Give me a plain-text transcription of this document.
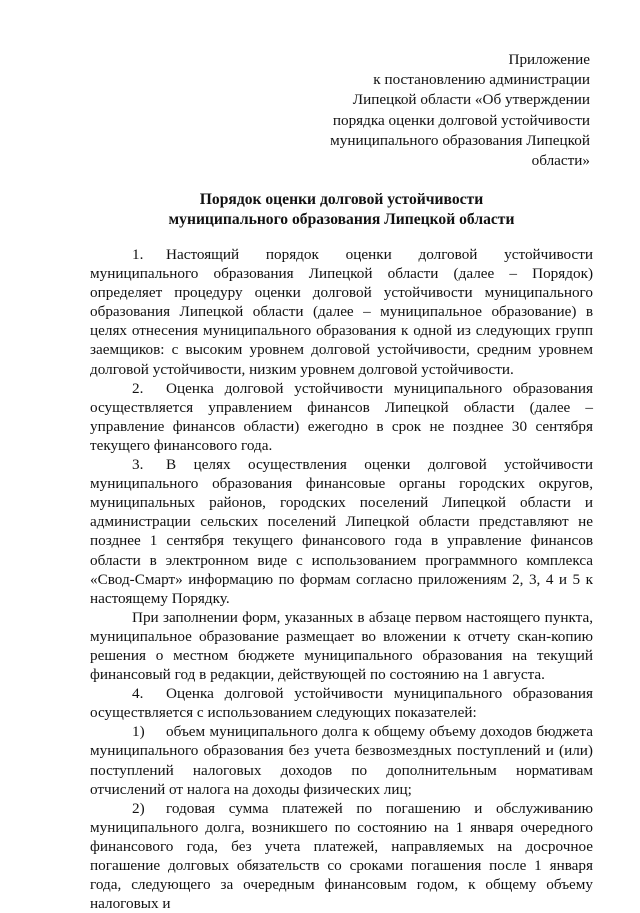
Приложение
к постановлению администрации
Липецкой области «Об утверждении
порядка оценки долговой устойчивости
муниципального образования Липецкой
области»
Порядок оценки долговой устойчивости
муниципального образования Липецкой области

1. Настоящий порядок оценки долговой устойчивости муниципального образования Липецкой области (далее – Порядок) определяет процедуру оценки долговой устойчивости муниципального образования Липецкой области (далее – муниципальное образование) в целях отнесения муниципального образования к одной из следующих групп заемщиков: с высоким уровнем долговой устойчивости, средним уровнем долговой устойчивости, низким уровнем долговой устойчивости.

2. Оценка долговой устойчивости муниципального образования осуществляется управлением финансов Липецкой области (далее – управление финансов области) ежегодно в срок не позднее 30 сентября текущего финансового года.

3. В целях осуществления оценки долговой устойчивости муниципального образования финансовые органы городских округов, муниципальных районов, городских поселений Липецкой области и администрации сельских поселений Липецкой области представляют не позднее 1 сентября текущего финансового года в управление финансов области в электронном виде с использованием программного комплекса «Свод-Смарт» информацию по формам согласно приложениям 2, 3, 4 и 5 к настоящему Порядку.

При заполнении форм, указанных в абзаце первом настоящего пункта, муниципальное образование размещает во вложении к отчету скан-копию решения о местном бюджете муниципального образования на текущий финансовый год в редакции, действующей по состоянию на 1 августа.

4. Оценка долговой устойчивости муниципального образования осуществляется с использованием следующих показателей:

1) объем муниципального долга к общему объему доходов бюджета муниципального образования без учета безвозмездных поступлений и (или) поступлений налоговых доходов по дополнительным нормативам отчислений от налога на доходы физических лиц;

2) годовая сумма платежей по погашению и обслуживанию муниципального долга, возникшего по состоянию на 1 января очередного финансового года, без учета платежей, направляемых на досрочное погашение долговых обязательств со сроками погашения после 1 января года, следующего за очередным финансовым годом, к общему объему налоговых и
